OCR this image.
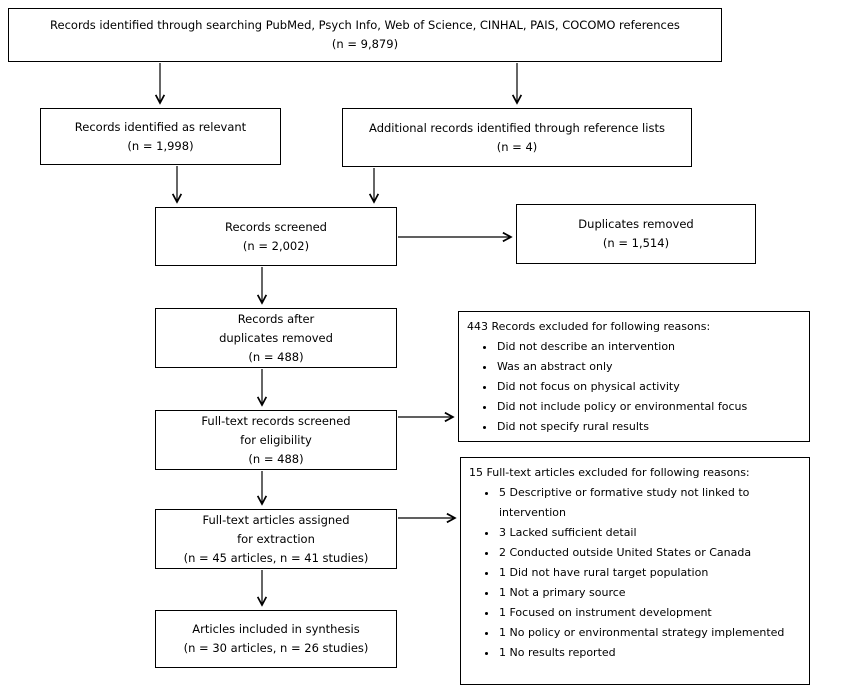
Records identified through searching PubMed, Psych Info, Web of Science, CINHAL, PAIS, COCOMO references
(n = 9,879)
Records identified as relevant
(n = 1,998)
Additional records identified through reference lists
(n = 4)
Records screened
(n = 2,002)
Duplicates removed
(n = 1,514)
Records after
duplicates removed
(n = 488)
Full-text records screened
for eligibility
(n = 488)
Full-text articles assigned
for extraction
(n = 45 articles, n = 41 studies)
Articles included in synthesis
(n = 30 articles, n = 26 studies)
443 Records excluded for following reasons:
• Did not describe an intervention
• Was an abstract only
• Did not focus on physical activity
• Did not include policy or environmental focus
• Did not specify rural results
15 Full-text articles excluded for following reasons:
• 5 Descriptive or formative study not linked to intervention
• 3 Lacked sufficient detail
• 2 Conducted outside United States or Canada
• 1 Did not have rural target population
• 1 Not a primary source
• 1 Focused on instrument development
• 1 No policy or environmental strategy implemented
• 1 No results reported
